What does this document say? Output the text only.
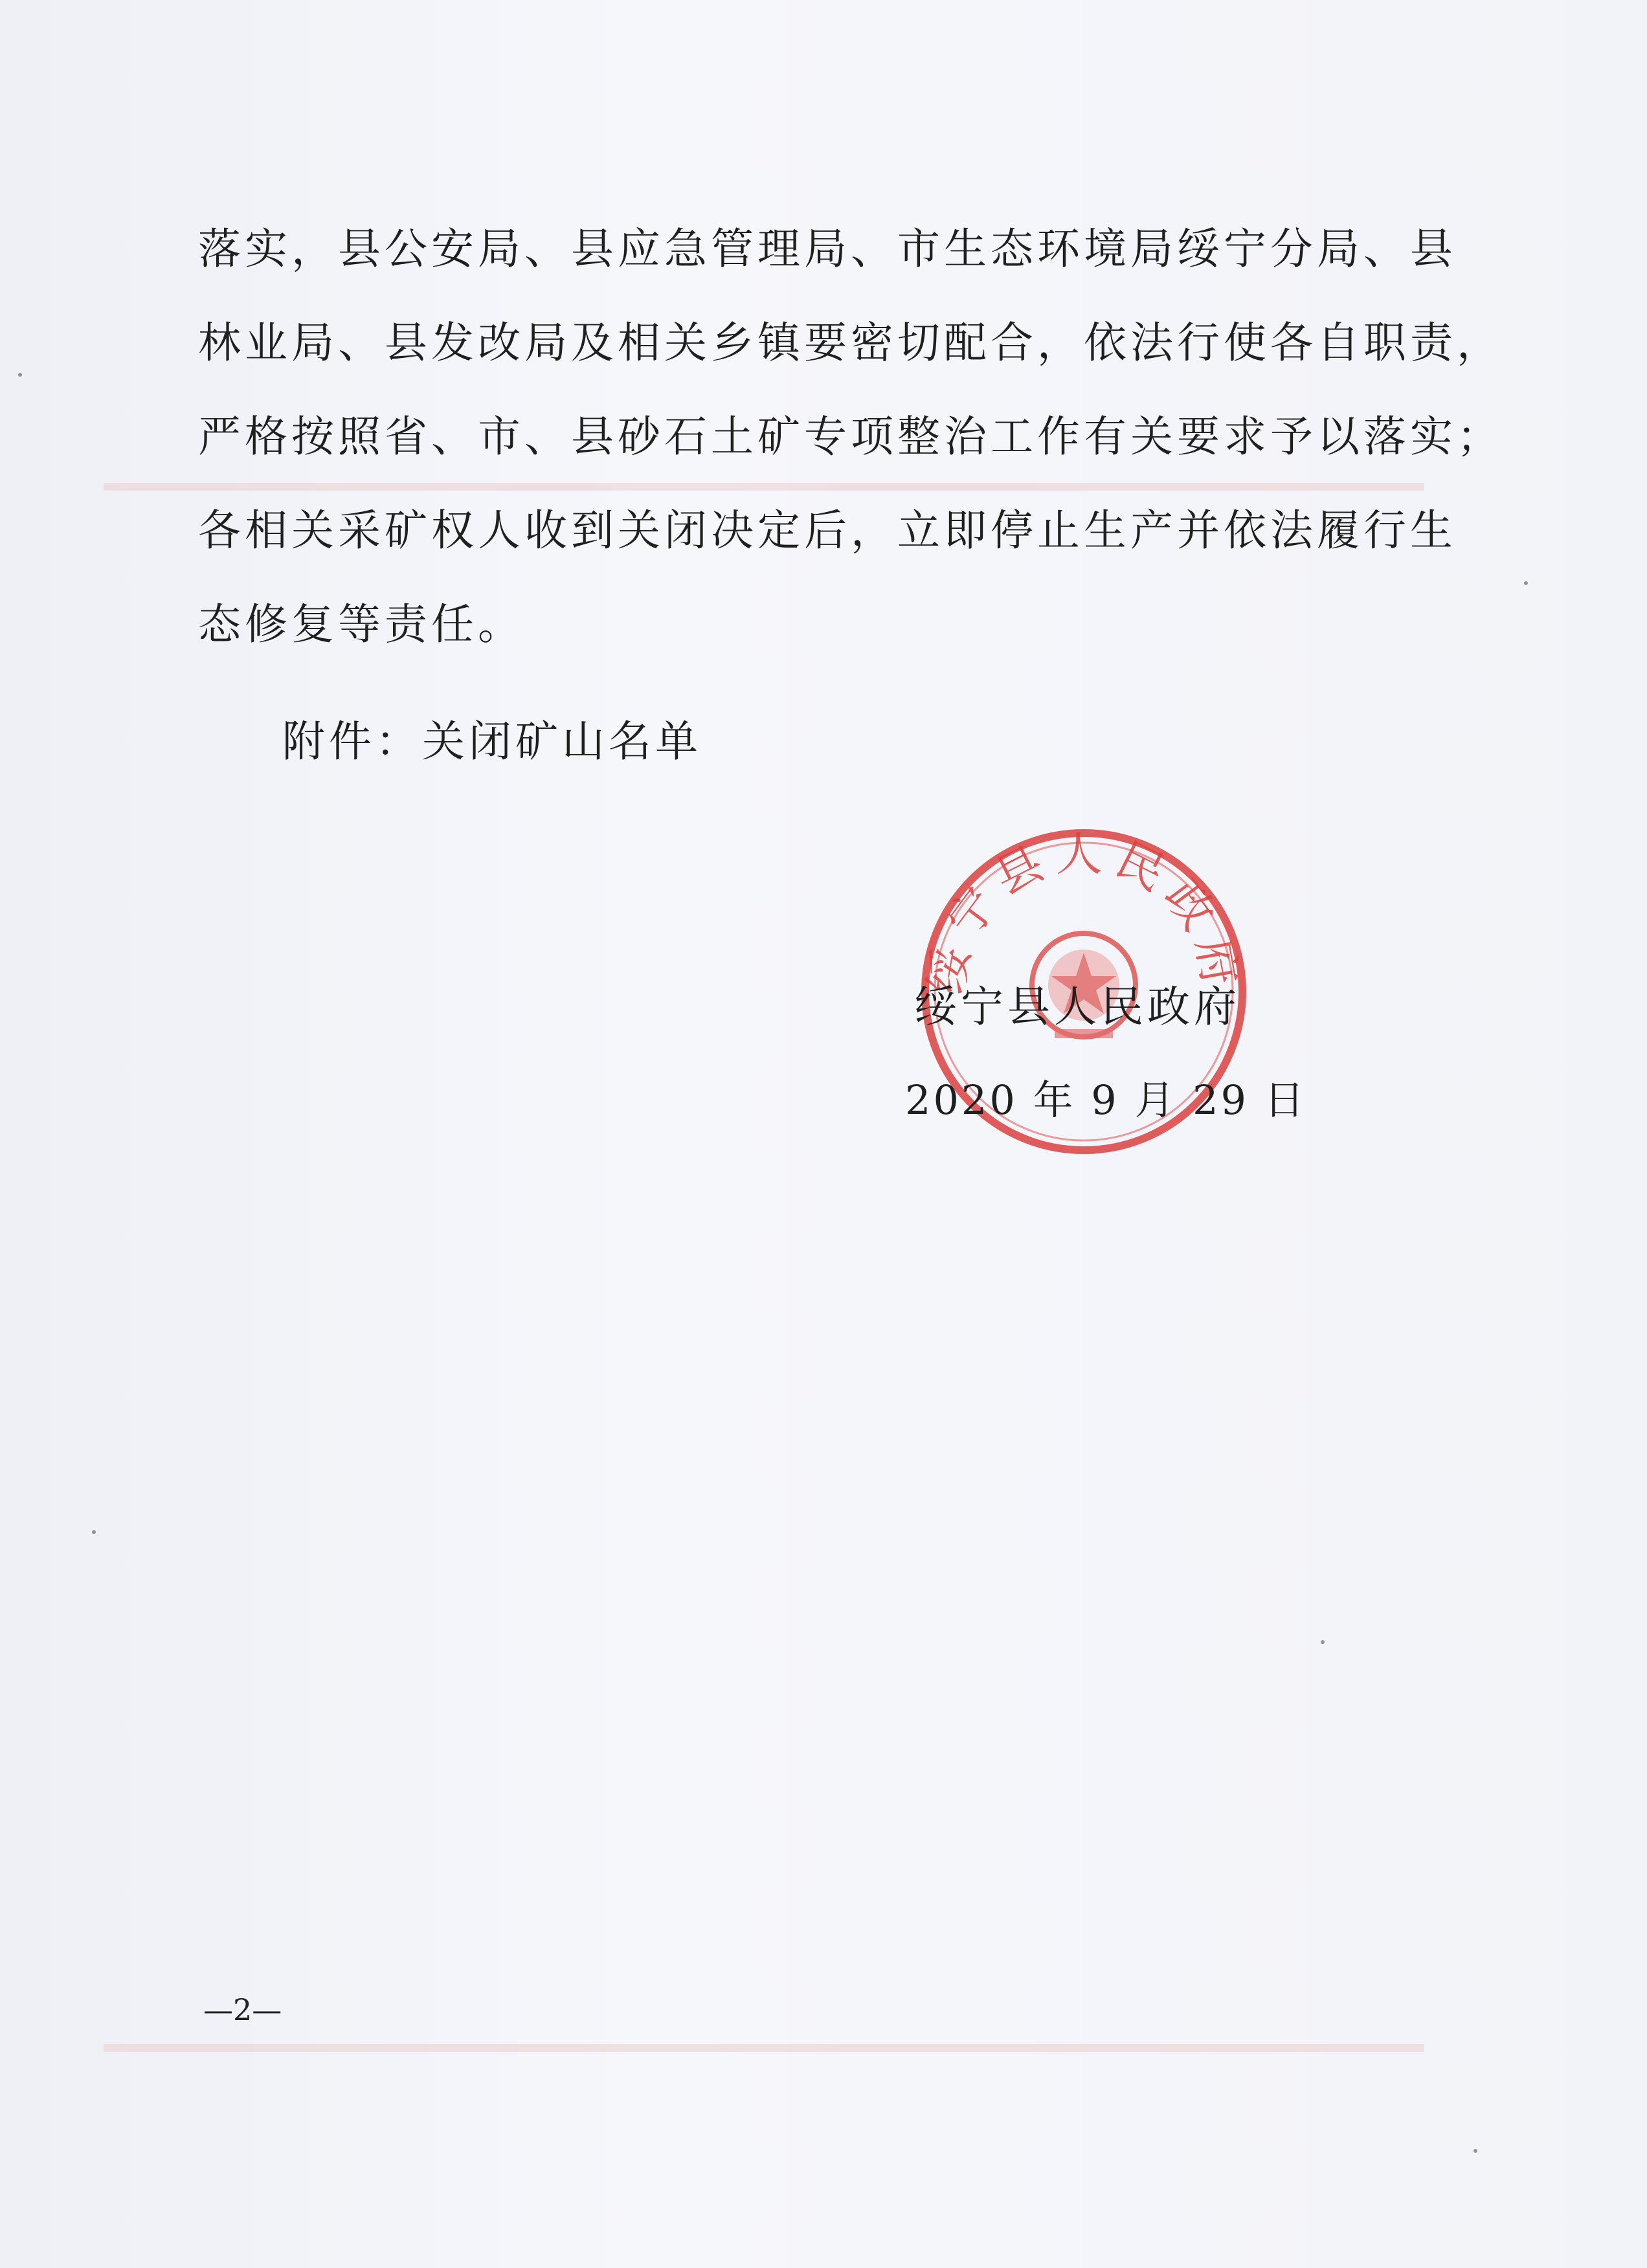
落实，县公安局、县应急管理局、市生态环境局绥宁分局、县
林业局、县发改局及相关乡镇要密切配合，依法行使各自职责，
严格按照省、市、县砂石土矿专项整治工作有关要求予以落实；
各相关采矿权人收到关闭决定后，立即停止生产并依法履行生
态修复等责任。
附件：关闭矿山名单
绥宁县人民政府
绥宁县人民政府
2020 年 9 月 29 日
—2—
